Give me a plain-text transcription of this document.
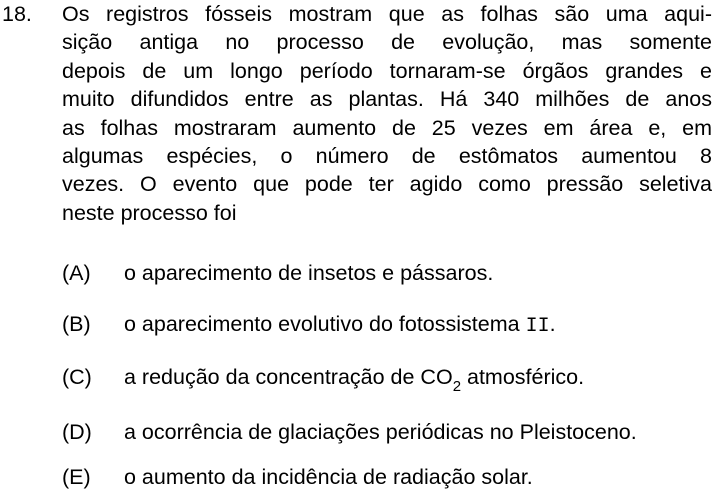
18. Os registros fósseis mostram que as folhas são uma aqui-
sição antiga no processo de evolução, mas somente
depois de um longo período tornaram-se órgãos grandes e
muito difundidos entre as plantas. Há 340 milhões de anos
as folhas mostraram aumento de 25 vezes em área e, em
algumas espécies, o número de estômatos aumentou 8
vezes. O evento que pode ter agido como pressão seletiva
neste processo foi
(A) o aparecimento de insetos e pássaros.
(B) o aparecimento evolutivo do fotossistema II.
(C) a redução da concentração de $CO_2$ atmosférico.
(D) a ocorrência de glaciações periódicas no Pleistoceno.
(E) o aumento da incidência de radiação solar.
